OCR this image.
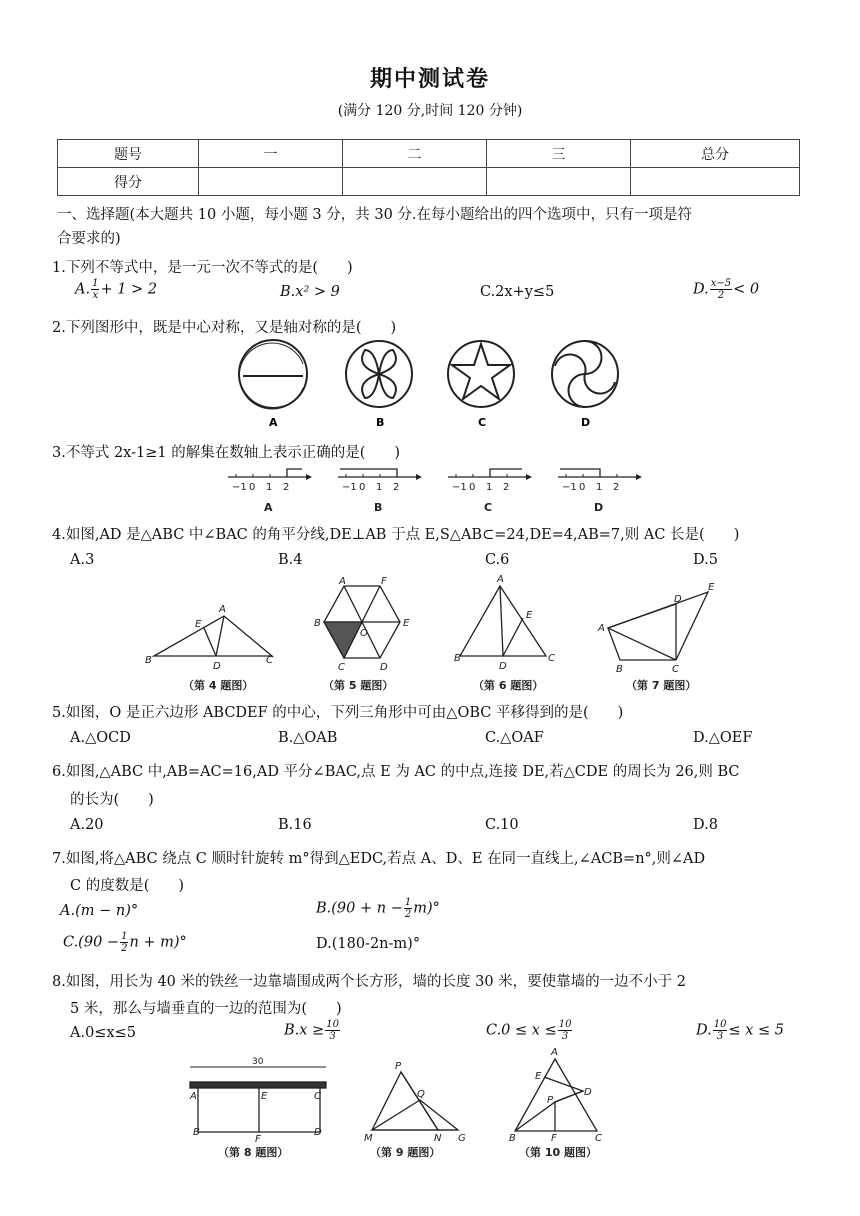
期中测试卷
(满分 120 分,时间 120 分钟)
题号	一	二	三	总分
得分				
一、选择题(本大题共 10 小题，每小题 3 分，共 30 分.在每小题给出的四个选项中，只有一项是符
合要求的)
1.下列不等式中，是一元一次不等式的是(　　)
A. $\frac{1}{x} + 1 > 2$	B.x² > 9	C.2x+y≤5	D. $\frac{x-5}{2} < 0$
2.下列图形中，既是中心对称，又是轴对称的是(　　)
A	B	C	D
3.不等式 2x-1≥1 的解集在数轴上表示正确的是(　　)
−1 0 1 2
A
−1 0 1 2
B
−1 0 1 2
C
−1 0 1 2
D
4.如图,AD 是△ABC 中∠BAC 的角平分线,DE⊥AB 于点 E,S△AB⊂=24,DE=4,AB=7,则 AC 长是(　　)
A.3	B.4	C.6	D.5
A
B	C
D
E
（第 4 题图）
A	F
B	E
O
C	D
（第 5 题图）
A
B	C
D
E
（第 6 题图）
A
B	C
D
E
（第 7 题图）
5.如图，O 是正六边形 ABCDEF 的中心，下列三角形中可由△OBC 平移得到的是(　　)
A.△OCD	B.△OAB	C.△OAF	D.△OEF
6.如图,△ABC 中,AB=AC=16,AD 平分∠BAC,点 E 为 AC 的中点,连接 DE,若△CDE 的周长为 26,则 BC
的长为(　　)
A.20	B.16	C.10	D.8
7.如图,将△ABC 绕点 C 顺时针旋转 m°得到△EDC,若点 A、D、E 在同一直线上,∠ACB=n°,则∠AD
C 的度数是(　　)
A.(m − n)°	$B.(90 + n - \frac{1}{2} m)^\circ$
$C.(90 - \frac{1}{2}$ n + m)°	D.(180-2n-m)°
8.如图，用长为 40 米的铁丝一边靠墙围成两个长方形，墙的长度 30 米，要使靠墙的一边不小于 2
5 米，那么与墙垂直的一边的范围为(　　)
A.0≤x≤5	$B.x \ge \frac{10}{3}$	$C.0 \le x \le \frac{10}{3}$	D. $\frac{10}{3} \le x \le 5$
30
A	E	C
B
F
D
（第 8 题图）
P
Q
M	N G
（第 9 题图）
A
E
D
P
B	F	C
（第 10 题图）
